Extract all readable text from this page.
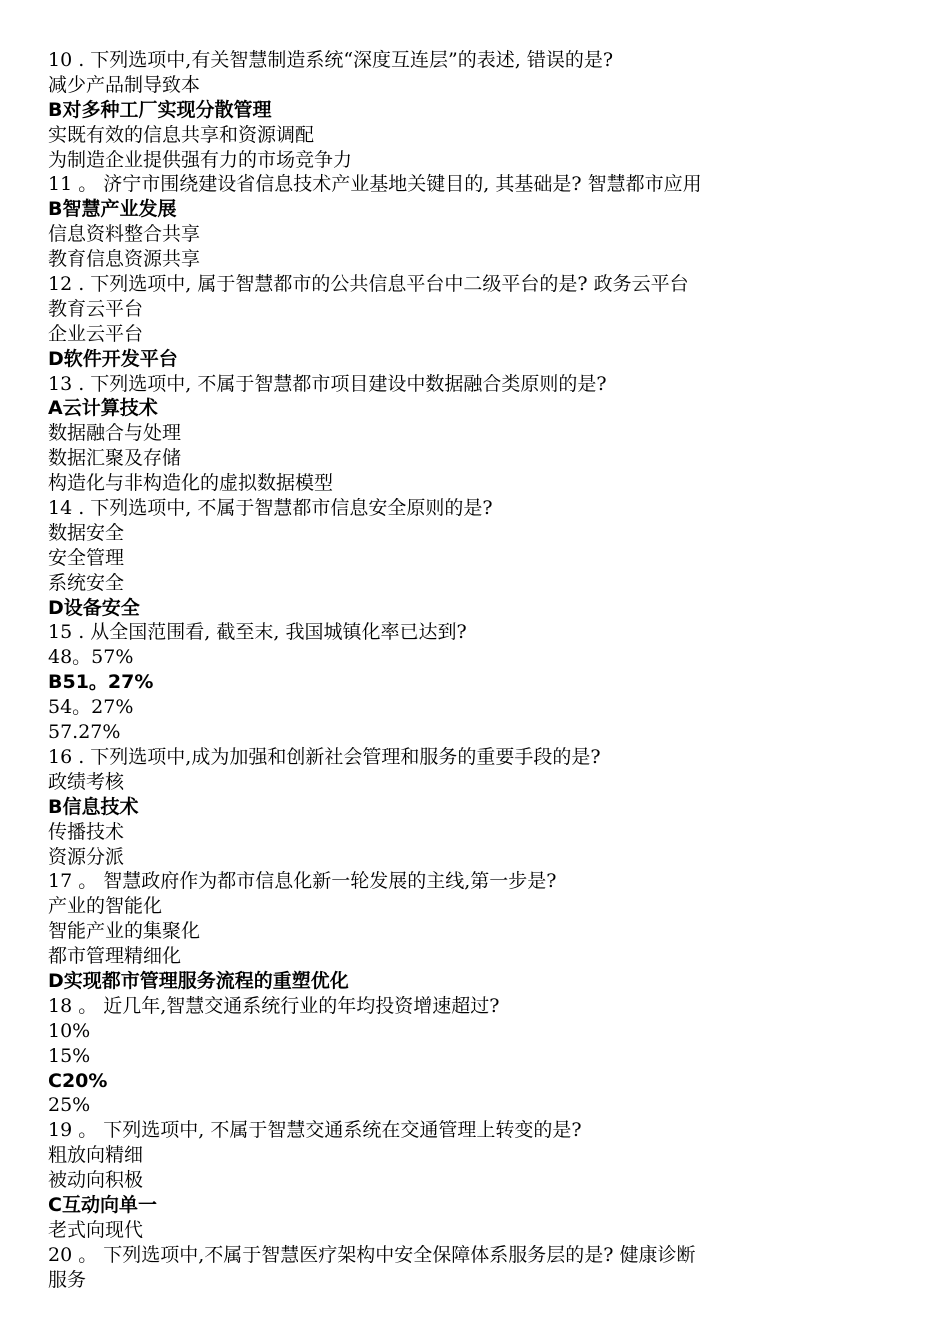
10 . 下列选项中,有关智慧制造系统“深度互连层”的表述, 错误的是?
减少产品制导致本
B对多种工厂实现分散管理
实既有效的信息共享和资源调配
为制造企业提供强有力的市场竞争力
11 。 济宁市围绕建设省信息技术产业基地关键目的, 其基础是? 智慧都市应用
B智慧产业发展
信息资料整合共享
教育信息资源共享
12 . 下列选项中, 属于智慧都市的公共信息平台中二级平台的是? 政务云平台
教育云平台
企业云平台
D软件开发平台
13 . 下列选项中, 不属于智慧都市项目建设中数据融合类原则的是?
A云计算技术
数据融合与处理
数据汇聚及存储
构造化与非构造化的虚拟数据模型
14 . 下列选项中, 不属于智慧都市信息安全原则的是?
数据安全
安全管理
系统安全
D设备安全
15 . 从全国范围看, 截至末, 我国城镇化率已达到?
48。57%
B51。27%
54。27%
57.27%
16 . 下列选项中,成为加强和创新社会管理和服务的重要手段的是?
政绩考核
B信息技术
传播技术
资源分派
17 。 智慧政府作为都市信息化新一轮发展的主线,第一步是?
产业的智能化
智能产业的集聚化
都市管理精细化
D实现都市管理服务流程的重塑优化
18 。 近几年,智慧交通系统行业的年均投资增速超过?
10%
15%
C20%
25%
19 。 下列选项中, 不属于智慧交通系统在交通管理上转变的是?
粗放向精细
被动向积极
C互动向单一
老式向现代
20 。 下列选项中,不属于智慧医疗架构中安全保障体系服务层的是? 健康诊断
服务
